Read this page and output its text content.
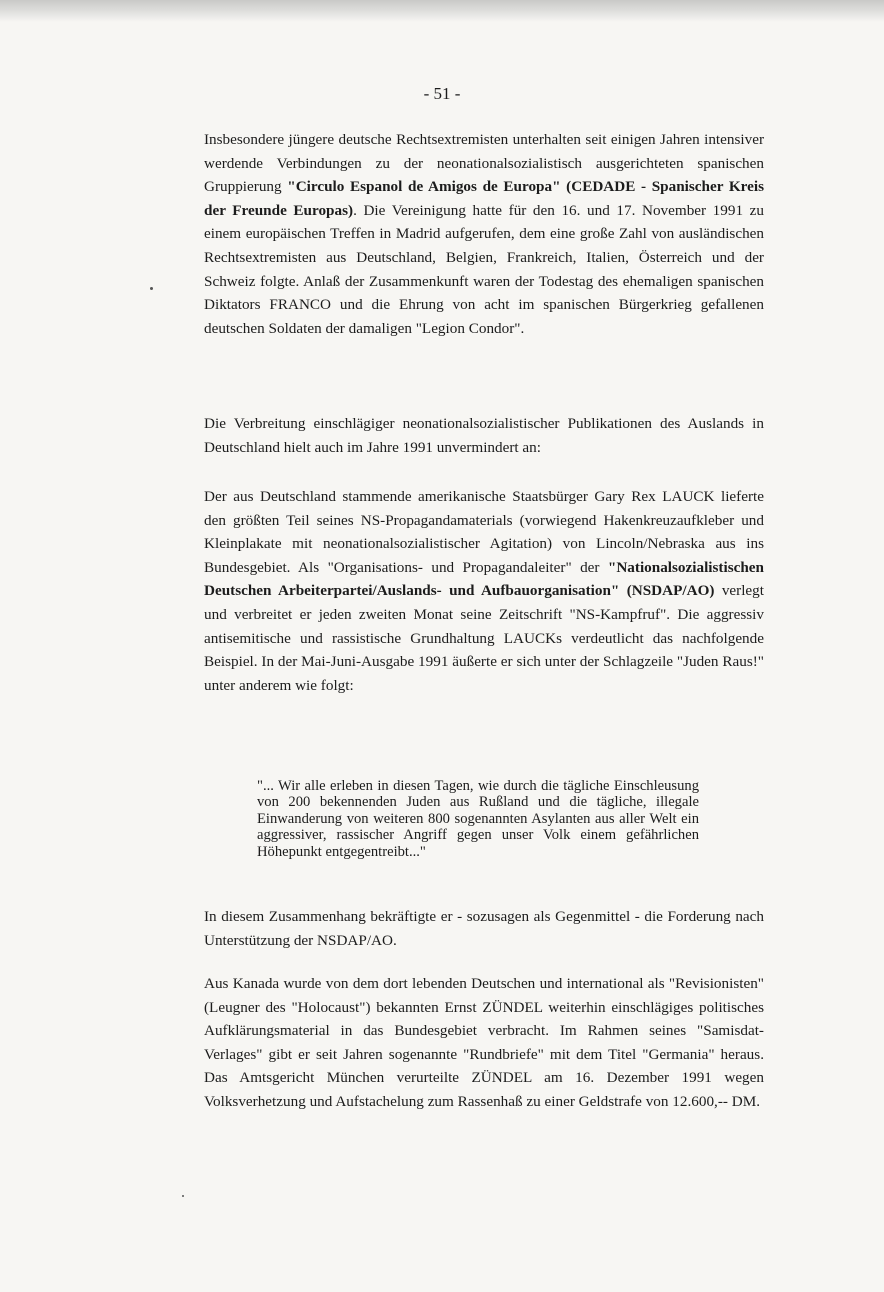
- 51 -
Insbesondere jüngere deutsche Rechtsextremisten unterhalten seit einigen Jahren intensiver werdende Verbindungen zu der neonationalsozialistisch ausgerichteten spanischen Gruppierung "Circulo Espanol de Amigos de Europa" (CEDADE - Spanischer Kreis der Freunde Europas). Die Vereinigung hatte für den 16. und 17. November 1991 zu einem europäischen Treffen in Madrid aufgerufen, dem eine große Zahl von ausländischen Rechtsextremisten aus Deutschland, Belgien, Frankreich, Italien, Österreich und der Schweiz folgte. Anlaß der Zusammenkunft waren der Todestag des ehemaligen spanischen Diktators FRANCO und die Ehrung von acht im spanischen Bürgerkrieg gefallenen deutschen Soldaten der damaligen "Legion Condor".
Die Verbreitung einschlägiger neonationalsozialistischer Publikationen des Auslands in Deutschland hielt auch im Jahre 1991 unvermindert an:
Der aus Deutschland stammende amerikanische Staatsbürger Gary Rex LAUCK lieferte den größten Teil seines NS-Propagandamaterials (vorwiegend Hakenkreuzaufkleber und Kleinplakate mit neonationalsozialistischer Agitation) von Lincoln/Nebraska aus ins Bundesgebiet. Als "Organisations- und Propagandaleiter" der "Nationalsozialistischen Deutschen Arbeiterpartei/Auslands- und Aufbauorganisation" (NSDAP/AO) verlegt und verbreitet er jeden zweiten Monat seine Zeitschrift "NS-Kampfruf". Die aggressiv antisemitische und rassistische Grundhaltung LAUCKs verdeutlicht das nachfolgende Beispiel. In der Mai-Juni-Ausgabe 1991 äußerte er sich unter der Schlagzeile "Juden Raus!" unter anderem wie folgt:
"... Wir alle erleben in diesen Tagen, wie durch die tägliche Einschleusung von 200 bekennenden Juden aus Rußland und die tägliche, illegale Einwanderung von weiteren 800 sogenannten Asylanten aus aller Welt ein aggressiver, rassischer Angriff gegen unser Volk einem gefährlichen Höhepunkt entgegentreibt..."
In diesem Zusammenhang bekräftigte er - sozusagen als Gegenmittel - die Forderung nach Unterstützung der NSDAP/AO.
Aus Kanada wurde von dem dort lebenden Deutschen und international als "Revisionisten" (Leugner des "Holocaust") bekannten Ernst ZÜNDEL weiterhin einschlägiges politisches Aufklärungsmaterial in das Bundesgebiet verbracht. Im Rahmen seines "Samisdat-Verlages" gibt er seit Jahren sogenannte "Rundbriefe" mit dem Titel "Germania" heraus. Das Amtsgericht München verurteilte ZÜNDEL am 16. Dezember 1991 wegen Volksverhetzung und Aufstachelung zum Rassenhaß zu einer Geldstrafe von 12.600,-- DM.
